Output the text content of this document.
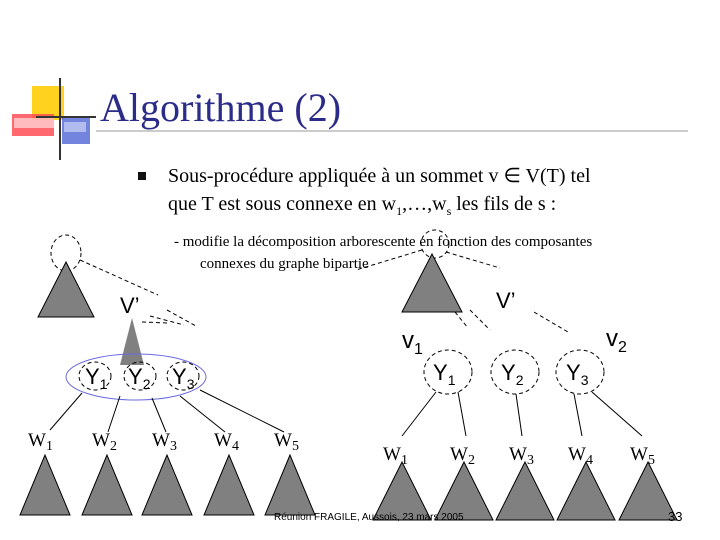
Algorithme (2)
Sous-procédure appliquée à un sommet v ∈ V(T) tel
que T est sous connexe en $w_1,\dots,w_s$ les fils de s :
- modifie la décomposition arborescente en fonction des composantes
connexes du graphe bipartie
V’
$Y_1$ $Y_2$ $Y_3$
$W_1$ $W_2$ $W_3$ $W_4$ $W_5$
V’
$v_1$	$v_2$
$Y_1$ $Y_2$ $Y_3$
$W_1$ $W_2$ $W_3$ $W_4$ $W_5$
Réunion FRAGILE, Aussois, 23 mars 2005	33
